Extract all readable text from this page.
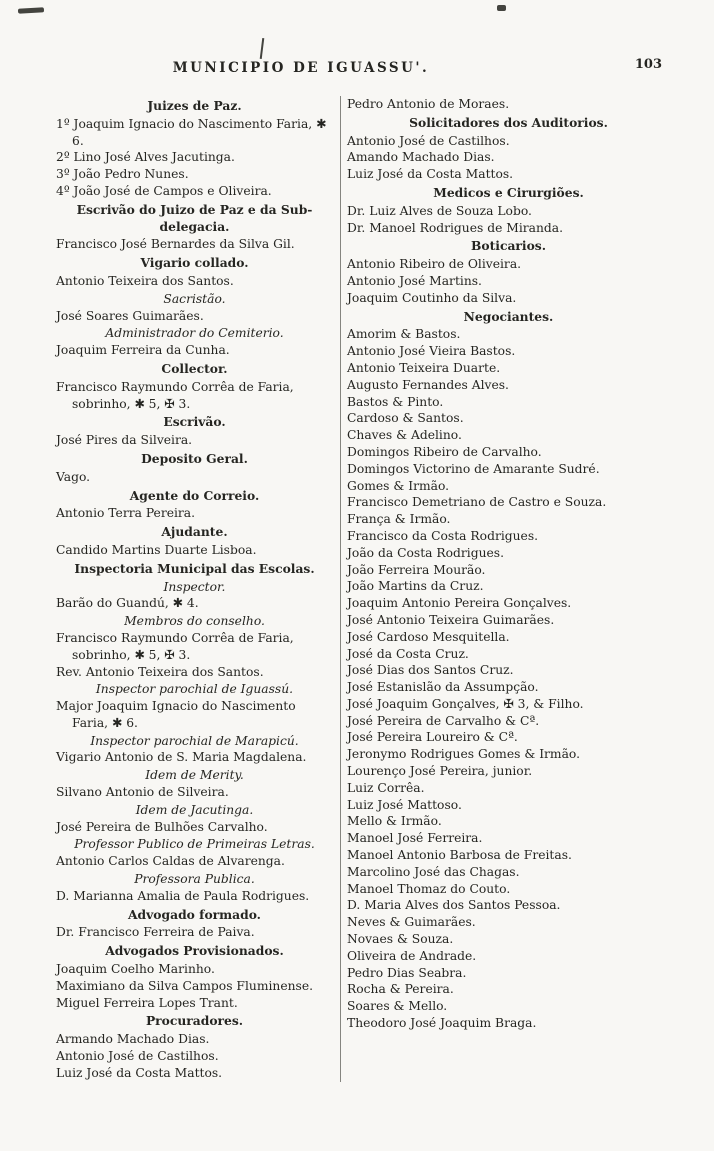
MUNICIPIO DE IGUASSU'.	103
Juizes de Paz.
1º Joaquim Ignacio do Nascimento Faria, ✱ 6.
2º Lino José Alves Jacutinga.
3º João Pedro Nunes.
4º João José de Campos e Oliveira.
Escrivão do Juizo de Paz e da Sub-delegacia.
Francisco José Bernardes da Silva Gil.
Vigario collado.
Antonio Teixeira dos Santos.
Sacristão.
José Soares Guimarães.
Administrador do Cemiterio.
Joaquim Ferreira da Cunha.
Collector.
Francisco Raymundo Corrêa de Faria, sobrinho, ✱ 5, ✠ 3.
Escrivão.
José Pires da Silveira.
Deposito Geral.
Vago.
Agente do Correio.
Antonio Terra Pereira.
Ajudante.
Candido Martins Duarte Lisboa.
Inspectoria Municipal das Escolas.
Inspector.
Barão do Guandú, ✱ 4.
Membros do conselho.
Francisco Raymundo Corrêa de Faria, sobrinho, ✱ 5, ✠ 3.
Rev. Antonio Teixeira dos Santos.
Inspector parochial de Iguassú.
Major Joaquim Ignacio do Nascimento Faria, ✱ 6.
Inspector parochial de Marapicú.
Vigario Antonio de S. Maria Magdalena.
Idem de Merity.
Silvano Antonio de Silveira.
Idem de Jacutinga.
José Pereira de Bulhões Carvalho.
Professor Publico de Primeiras Letras.
Antonio Carlos Caldas de Alvarenga.
Professora Publica.
D. Marianna Amalia de Paula Rodrigues.
Advogado formado.
Dr. Francisco Ferreira de Paiva.
Advogados Provisionados.
Joaquim Coelho Marinho.
Maximiano da Silva Campos Fluminense.
Miguel Ferreira Lopes Trant.
Procuradores.
Armando Machado Dias.
Antonio José de Castilhos.
Luiz José da Costa Mattos.
Pedro Antonio de Moraes.
Solicitadores dos Auditorios.
Antonio José de Castilhos.
Amando Machado Dias.
Luiz José da Costa Mattos.
Medicos e Cirurgiões.
Dr. Luiz Alves de Souza Lobo.
Dr. Manoel Rodrigues de Miranda.
Boticarios.
Antonio Ribeiro de Oliveira.
Antonio José Martins.
Joaquim Coutinho da Silva.
Negociantes.
Amorim & Bastos.
Antonio José Vieira Bastos.
Antonio Teixeira Duarte.
Augusto Fernandes Alves.
Bastos & Pinto.
Cardoso & Santos.
Chaves & Adelino.
Domingos Ribeiro de Carvalho.
Domingos Victorino de Amarante Sudré.
Gomes & Irmão.
Francisco Demetriano de Castro e Souza.
França & Irmão.
Francisco da Costa Rodrigues.
João da Costa Rodrigues.
João Ferreira Mourão.
João Martins da Cruz.
Joaquim Antonio Pereira Gonçalves.
José Antonio Teixeira Guimarães.
José Cardoso Mesquitella.
José da Costa Cruz.
José Dias dos Santos Cruz.
José Estanislão da Assumpção.
José Joaquim Gonçalves, ✠ 3, & Filho.
José Pereira de Carvalho & Cª.
José Pereira Loureiro & Cª.
Jeronymo Rodrigues Gomes & Irmão.
Lourenço José Pereira, junior.
Luiz Corrêa.
Luiz José Mattoso.
Mello & Irmão.
Manoel José Ferreira.
Manoel Antonio Barbosa de Freitas.
Marcolino José das Chagas.
Manoel Thomaz do Couto.
D. Maria Alves dos Santos Pessoa.
Neves & Guimarães.
Novaes & Souza.
Oliveira de Andrade.
Pedro Dias Seabra.
Rocha & Pereira.
Soares & Mello.
Theodoro José Joaquim Braga.
